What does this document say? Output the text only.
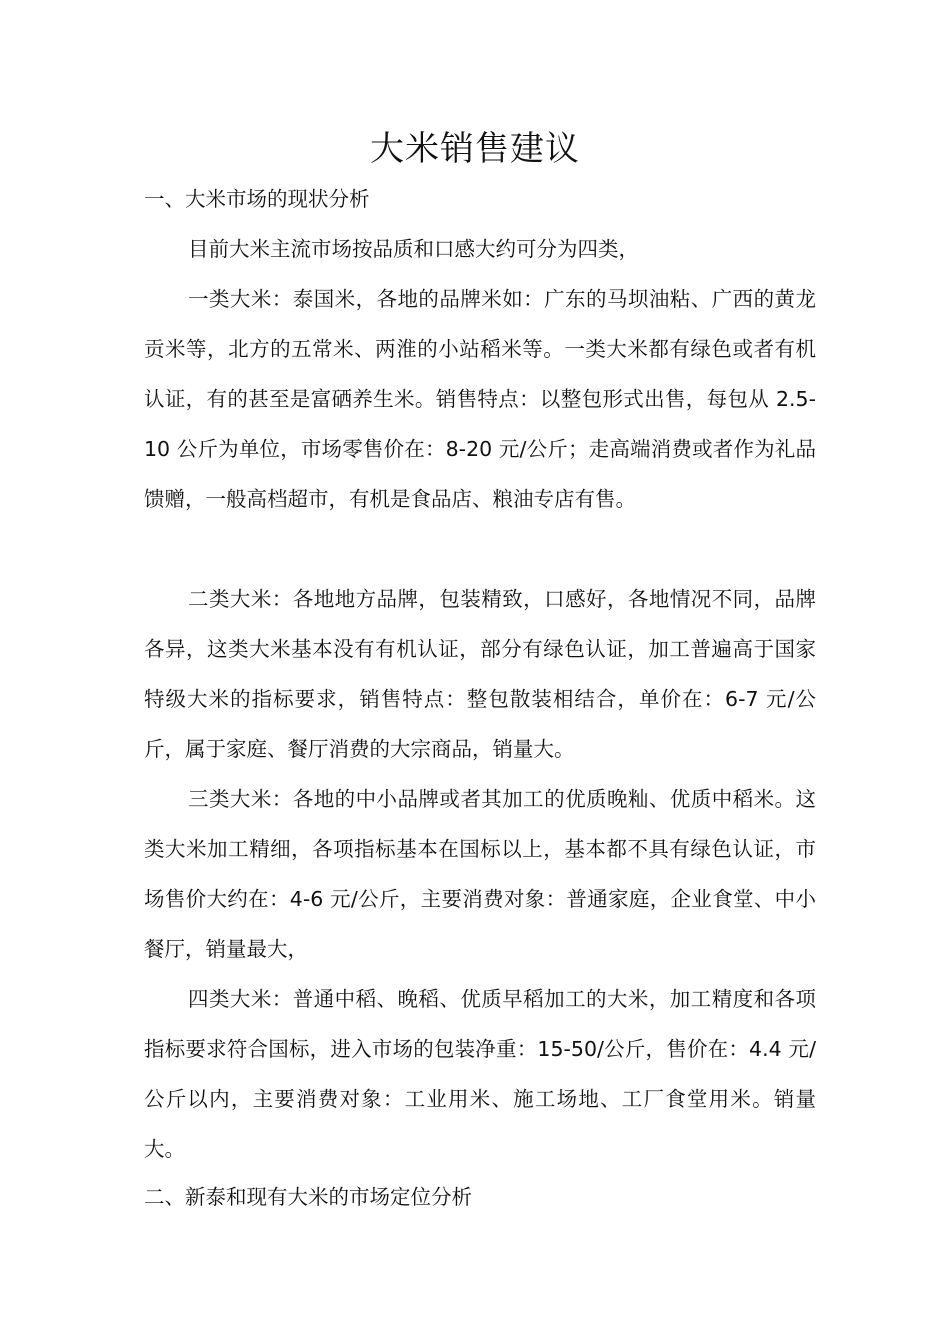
大米销售建议
一、大米市场的现状分析

目前大米主流市场按品质和口感大约可分为四类，

一类大米：泰国米，各地的品牌米如：广东的马坝油粘、广西的黄龙贡米等，北方的五常米、两淮的小站稻米等。一类大米都有绿色或者有机认证，有的甚至是富硒养生米。销售特点：以整包形式出售，每包从 2.5-10 公斤为单位，市场零售价在：8-20 元/公斤；走高端消费或者作为礼品馈赠，一般高档超市，有机是食品店、粮油专店有售。

二类大米：各地地方品牌，包装精致，口感好，各地情况不同，品牌各异，这类大米基本没有有机认证，部分有绿色认证，加工普遍高于国家特级大米的指标要求，销售特点：整包散装相结合，单价在：6-7 元/公斤，属于家庭、餐厅消费的大宗商品，销量大。

三类大米：各地的中小品牌或者其加工的优质晚籼、优质中稻米。这类大米加工精细，各项指标基本在国标以上，基本都不具有绿色认证，市场售价大约在：4-6 元/公斤，主要消费对象：普通家庭，企业食堂、中小餐厅，销量最大，

四类大米：普通中稻、晚稻、优质早稻加工的大米，加工精度和各项指标要求符合国标，进入市场的包装净重：15-50/公斤，售价在：4.4 元/公斤以内，主要消费对象：工业用米、施工场地、工厂食堂用米。销量大。

二、新泰和现有大米的市场定位分析
